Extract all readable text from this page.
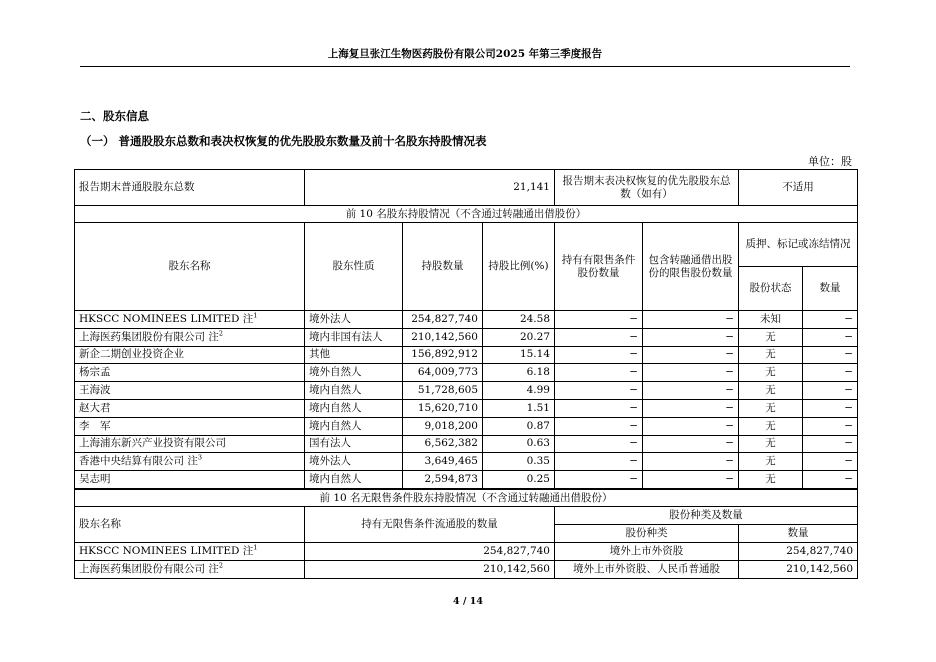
上海复旦张江生物医药股份有限公司2025 年第三季度报告
二、股东信息
（一） 普通股股东总数和表决权恢复的优先股股东数量及前十名股东持股情况表
单位：股
报告期末普通股股东总数	21,141			报告期末表决权恢复的优先股股东总数（如有）		不适用	
前 10 名股东持股情况（不含通过转融通出借股份）							
股东名称	股东性质	持股数量	持股比例(%)	持有有限售条件股份数量	包含转融通借出股份的限售股份数量	质押、标记或冻结情况	
						股份状态	数量
HKSCC NOMINEES LIMITED 注$^1$	境外法人	254,827,740	24.58	−	−	未知	−
上海医药集团股份有限公司 注$^2$	境内非国有法人	210,142,560	20.27	−	−	无	−
新企二期创业投资企业	其他	156,892,912	15.14	−	−	无	−
杨宗孟	境外自然人	64,009,773	6.18	−	−	无	−
王海波	境内自然人	51,728,605	4.99	−	−	无	−
赵大君	境内自然人	15,620,710	1.51	−	−	无	−
李　军	境内自然人	9,018,200	0.87	−	−	无	−
上海浦东新兴产业投资有限公司	国有法人	6,562,382	0.63	−	−	无	−
香港中央结算有限公司 注$^3$	境外法人	3,649,465	0.35	−	−	无	−
吴志明	境内自然人	2,594,873	0.25	−	−	无	−
前 10 名无限售条件股东持股情况（不含通过转融通出借股份）			
股东名称	持有无限售条件流通股的数量	股份种类及数量	
		股份种类	数量
HKSCC NOMINEES LIMITED 注$^1$	254,827,740	境外上市外资股	254,827,740
上海医药集团股份有限公司 注$^2$	210,142,560	境外上市外资股、人民币普通股	210,142,560
4 / 14
